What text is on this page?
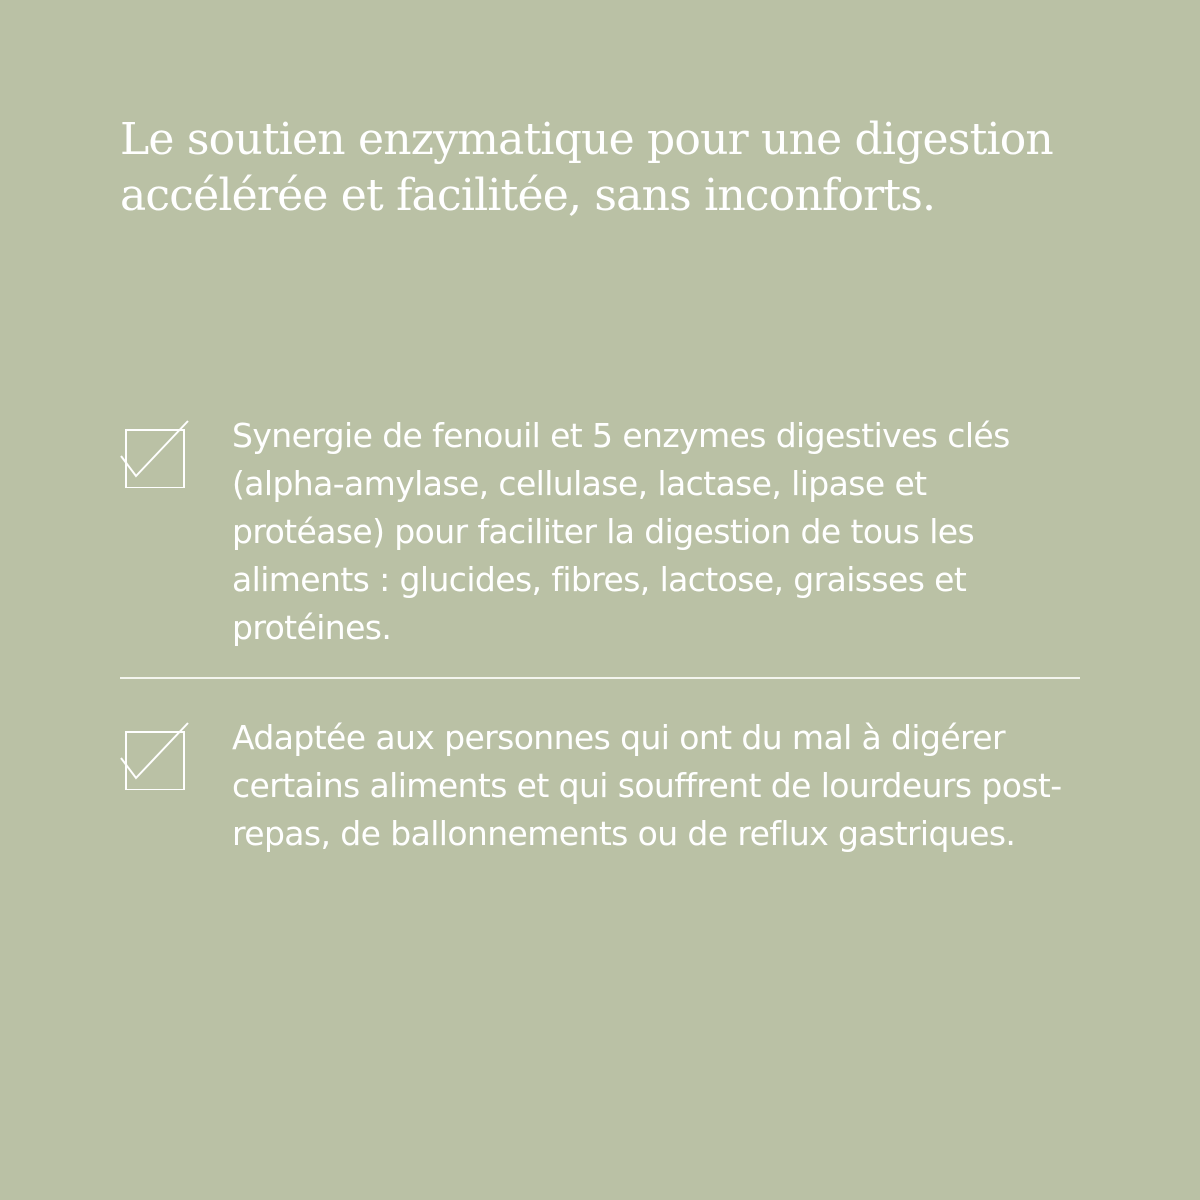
Le soutien enzymatique pour une digestion
accélérée et facilitée, sans inconforts.

Synergie de fenouil et 5 enzymes digestives clés (alpha-amylase, cellulase, lactase, lipase et protéase) pour faciliter la digestion de tous les aliments : glucides, fibres, lactose, graisses et protéines.

Adaptée aux personnes qui ont du mal à digérer certains aliments et qui souffrent de lourdeurs post-repas, de ballonnements ou de reflux gastriques.
